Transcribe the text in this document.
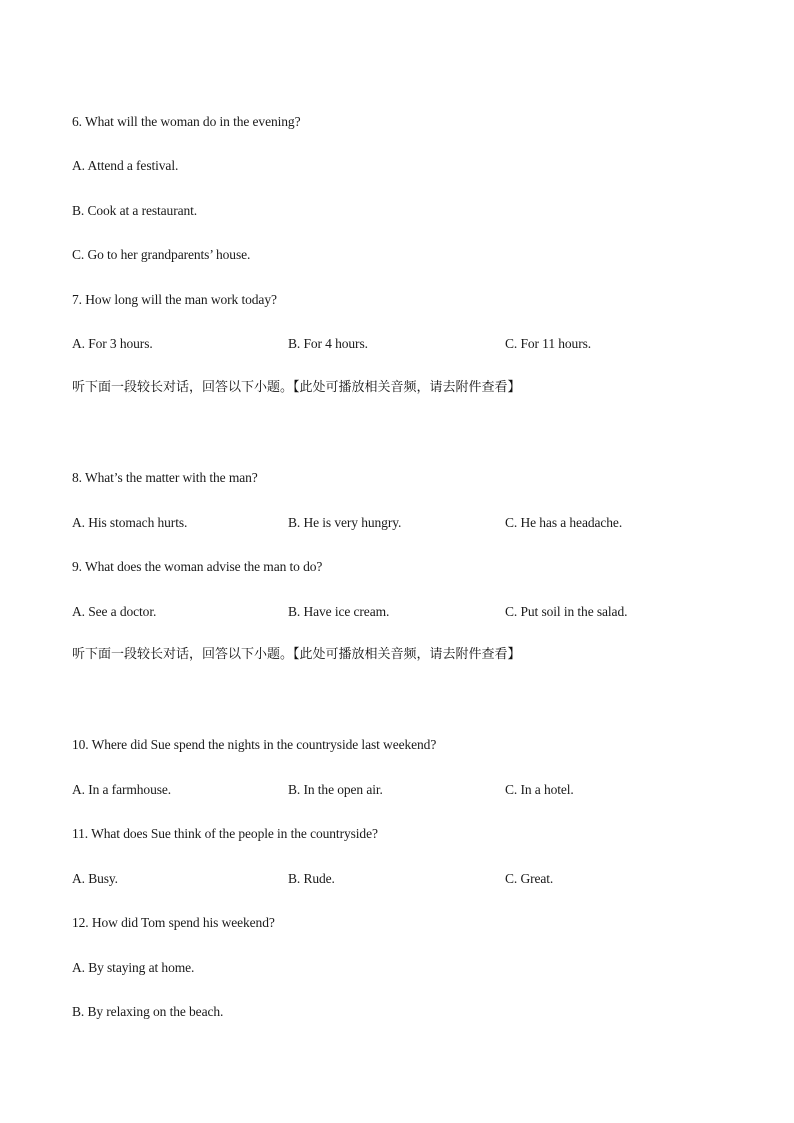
6. What will the woman do in the evening?
A. Attend a festival.
B. Cook at a restaurant.
C. Go to her grandparents’ house.
7. How long will the man work today?
A. For 3 hours.	B. For 4 hours.	C. For 11 hours.
听下面一段较长对话，回答以下小题。【此处可播放相关音频，请去附件查看】
8. What’s the matter with the man?
A. His stomach hurts.	B. He is very hungry.	C. He has a headache.
9. What does the woman advise the man to do?
A. See a doctor.	B. Have ice cream.	C. Put soil in the salad.
听下面一段较长对话，回答以下小题。【此处可播放相关音频，请去附件查看】
10. Where did Sue spend the nights in the countryside last weekend?
A. In a farmhouse.	B. In the open air.	C. In a hotel.
11. What does Sue think of the people in the countryside?
A. Busy.	B. Rude.	C. Great.
12. How did Tom spend his weekend?
A. By staying at home.
B. By relaxing on the beach.
